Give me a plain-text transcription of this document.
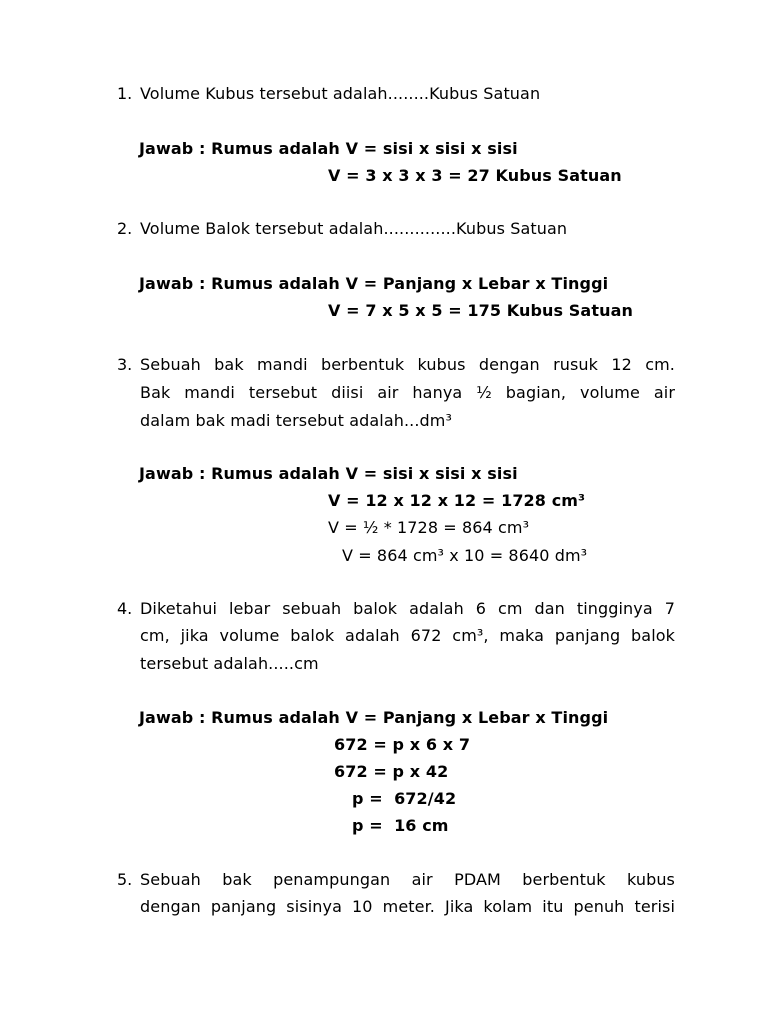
1. Volume Kubus tersebut adalah........Kubus Satuan
Jawab : Rumus adalah V = sisi x sisi x sisi
V = 3 x 3 x 3 = 27 Kubus Satuan
2. Volume Balok tersebut adalah..............Kubus Satuan
Jawab : Rumus adalah V = Panjang x Lebar x Tinggi
V = 7 x 5 x 5 = 175 Kubus Satuan
3. Sebuah bak mandi berbentuk kubus dengan rusuk 12 cm.
Bak mandi tersebut diisi air hanya ½ bagian, volume air
dalam bak madi tersebut adalah...dm³
Jawab : Rumus adalah V = sisi x sisi x sisi
V = 12 x 12 x 12 = 1728 cm³
V = ½ * 1728 = 864 cm³
V = 864 cm³ x 10 = 8640 dm³
4. Diketahui lebar sebuah balok adalah 6 cm dan tingginya 7
cm, jika volume balok adalah 672 cm³, maka panjang balok
tersebut adalah.....cm
Jawab : Rumus adalah V = Panjang x Lebar x Tinggi
672 = p x 6 x 7
672 = p x 42
p =  672/42
p =  16 cm
5. Sebuah bak penampungan air PDAM berbentuk kubus
dengan panjang sisinya 10 meter. Jika kolam itu penuh terisi
